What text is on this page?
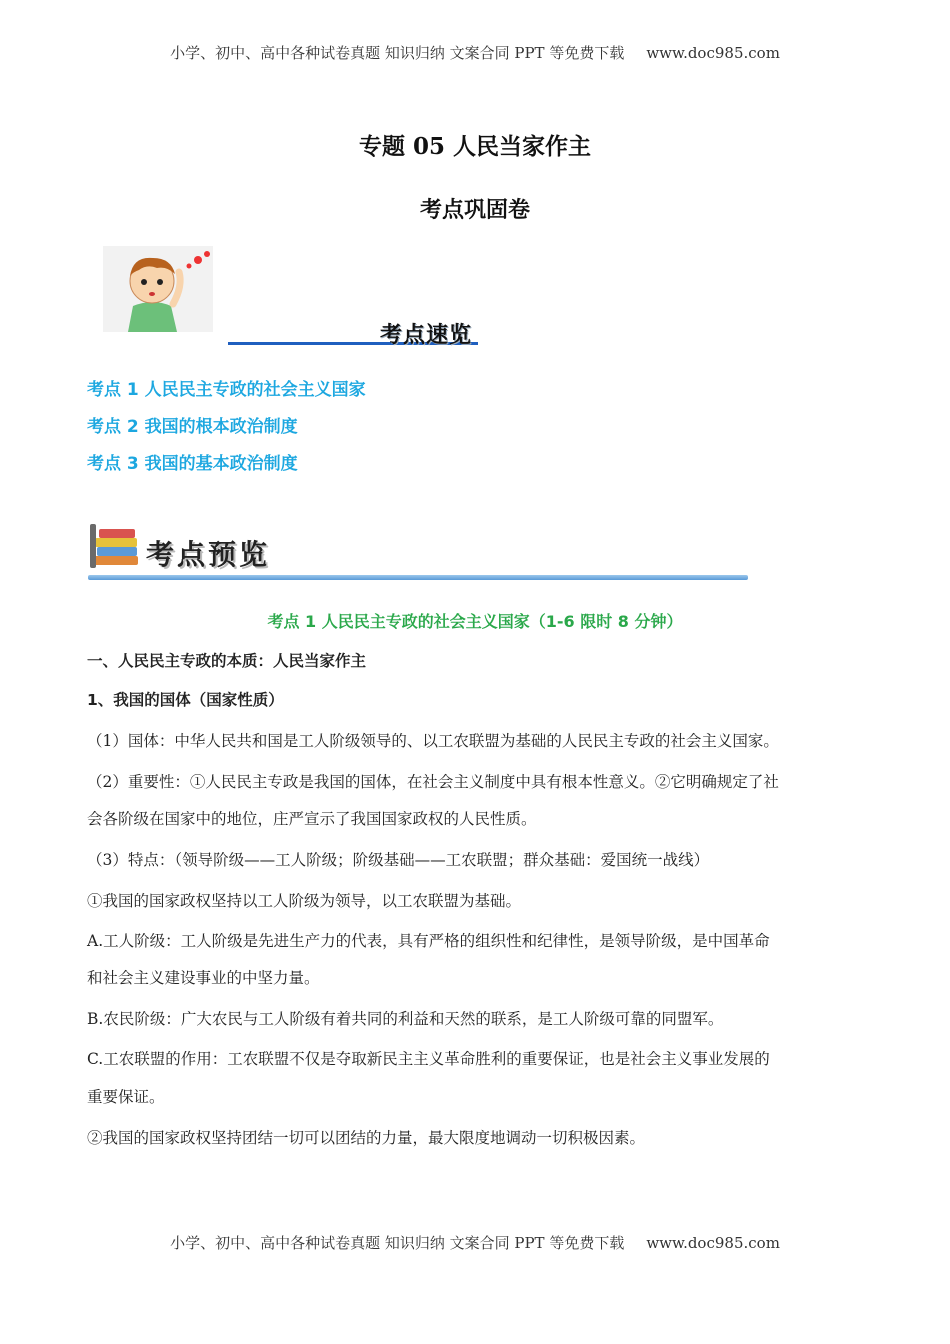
小学、初中、高中各种试卷真题 知识归纳 文案合同 PPT 等免费下载 www.doc985.com
专题 05 人民当家作主
考点巩固卷
考点速览
考点 1 人民民主专政的社会主义国家
考点 2 我国的根本政治制度
考点 3 我国的基本政治制度
考点预览
考点 1 人民民主专政的社会主义国家（1-6 限时 8 分钟）
一、人民民主专政的本质：人民当家作主
1、我国的国体（国家性质）
（1）国体：中华人民共和国是工人阶级领导的、以工农联盟为基础的人民民主专政的社会主义国家。
（2）重要性：①人民民主专政是我国的国体，在社会主义制度中具有根本性意义。②它明确规定了社
会各阶级在国家中的地位，庄严宣示了我国国家政权的人民性质。
（3）特点：（领导阶级——工人阶级；阶级基础——工农联盟；群众基础：爱国统一战线）
①我国的国家政权坚持以工人阶级为领导，以工农联盟为基础。
A.工人阶级：工人阶级是先进生产力的代表，具有严格的组织性和纪律性，是领导阶级，是中国革命
和社会主义建设事业的中坚力量。
B.农民阶级：广大农民与工人阶级有着共同的利益和天然的联系，是工人阶级可靠的同盟军。
C.工农联盟的作用：工农联盟不仅是夺取新民主主义革命胜利的重要保证，也是社会主义事业发展的
重要保证。
②我国的国家政权坚持团结一切可以团结的力量，最大限度地调动一切积极因素。
小学、初中、高中各种试卷真题 知识归纳 文案合同 PPT 等免费下载 www.doc985.com
